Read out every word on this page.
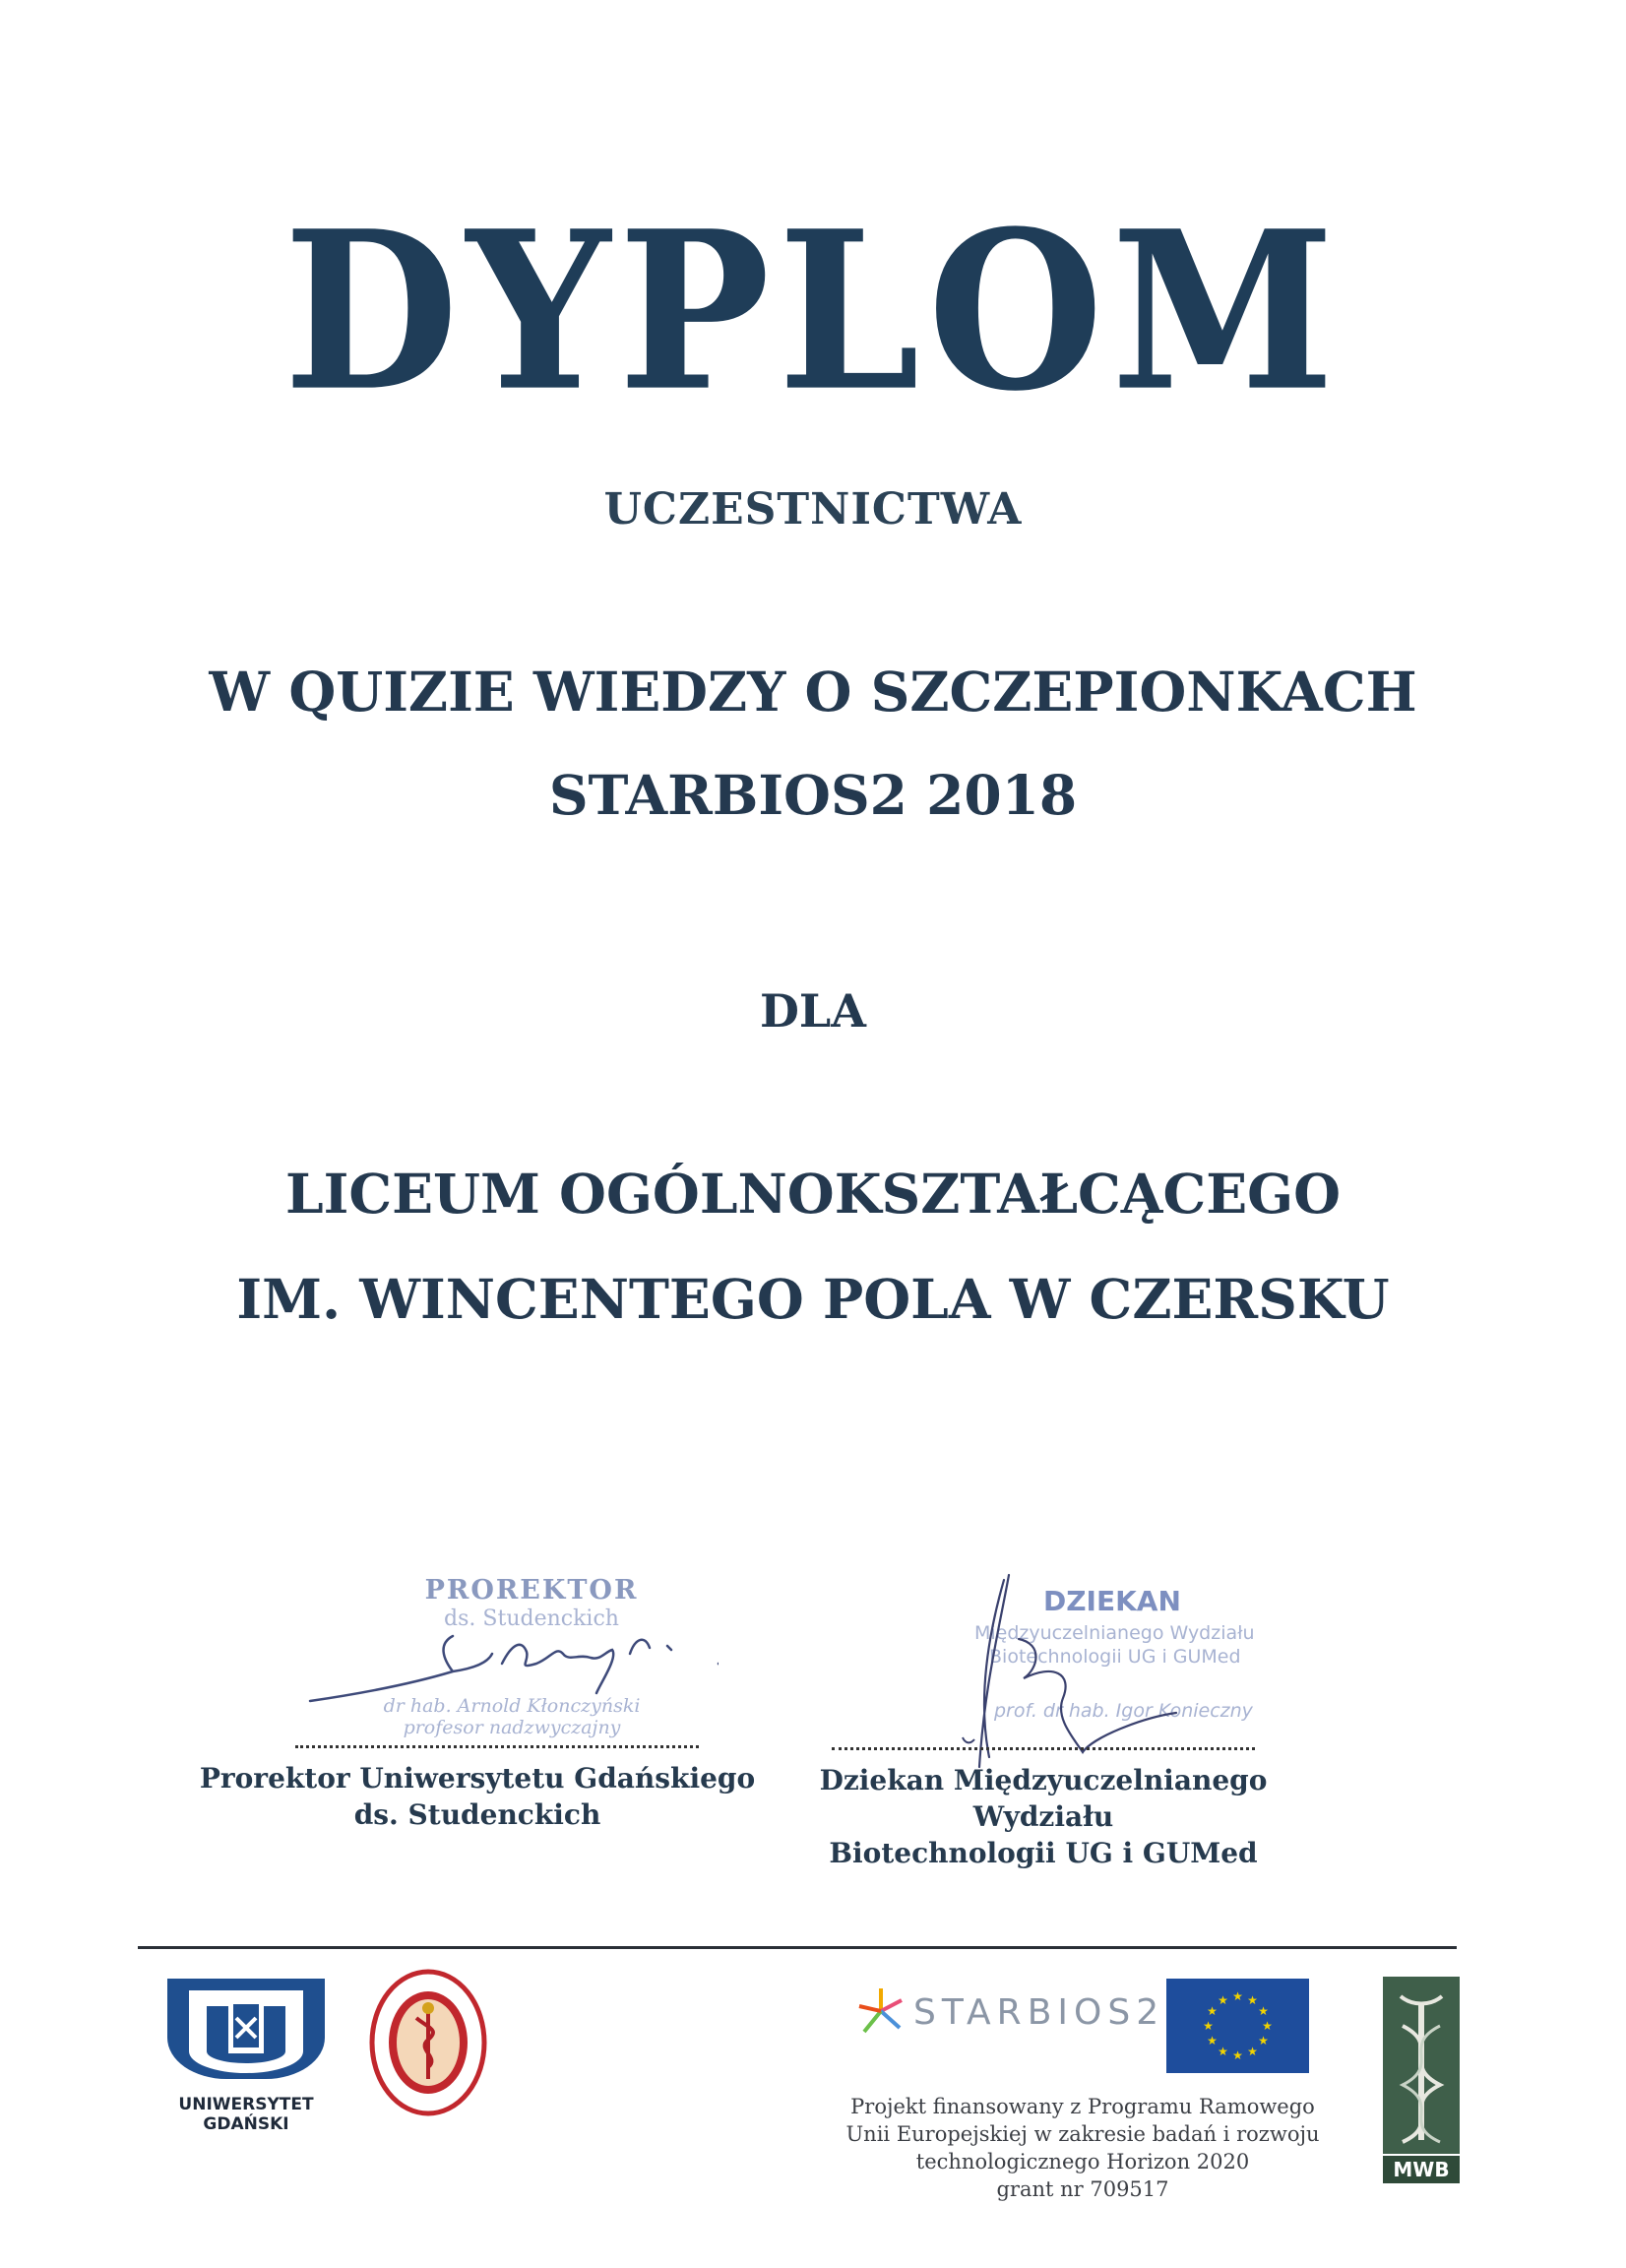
DYPLOM
UCZESTNICTWA
W QUIZIE WIEDZY O SZCZEPIONKACH
STARBIOS2 2018
DLA
LICEUM OGÓLNOKSZTAŁCĄCEGO
IM. WINCENTEGO POLA W CZERSKU
PROREKTOR
ds. Studenckich
dr hab. Arnold Kłonczyński
profesor nadzwyczajny
Prorektor Uniwersytetu Gdańskiego
ds. Studenckich
DZIEKAN
Międzyuczelnianego Wydziału
Biotechnologii UG i GUMed
prof. dr hab. Igor Konieczny
Dziekan Międzyuczelnianego Wydziału
Biotechnologii UG i GUMed
UNIWERSYTET GDAŃSKI
STARBIOS2	★ ★
★
★
★
★
★
★
★
★
★
★
Projekt finansowany z Programu Ramowego
Unii Europejskiej w zakresie badań i rozwoju
technologicznego Horizon 2020
grant nr 709517
MWB
